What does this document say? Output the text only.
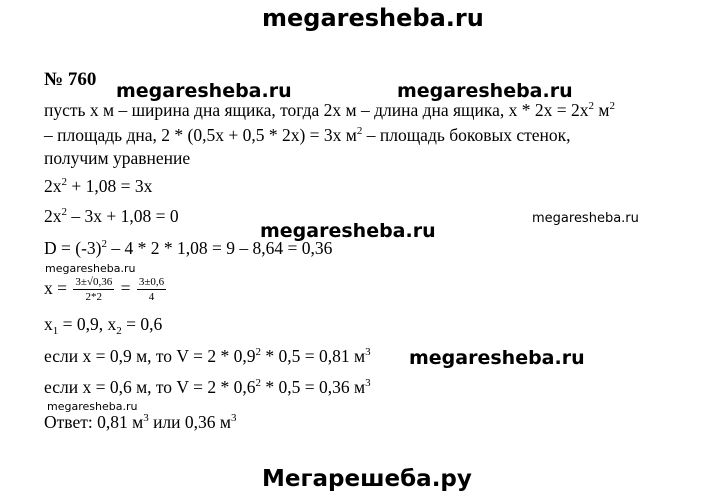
megaresheba.ru
megaresheba.ru	megaresheba.ru
megaresheba.ru
megaresheba.ru
megaresheba.ru
megaresheba.ru
megaresheba.ru
Мегарешеба.ру
№ 760
пусть х м – ширина дна ящика, тогда 2х м – длина дна ящика, $х * 2х = 2х^2$ $м^2$
– площадь дна, 2 * (0,5х + 0,5 * 2х) = 3х $м^2$ – площадь боковых стенок,
получим уравнение
$2x^2 + 1,08 = 3x$
$2x^2 - 3x + 1,08 = 0$
$D = (-3)^2 - 4 * 2 * 1,08 = 9 - 8,64 = 0,36$
$x = \frac{3\pm√0,36}{2*2} = \frac{3\pm 0,6}{4}$
$x_1 = 0,9$, $x_2 = 0,6$
если х = 0,9 м, то $V = 2 * 0,9^2 * 0,5 = 0,81$ $м^3$
если х = 0,6 м, то $V = 2 * 0,6^2 * 0,5 = 0,36$ $м^3$
Ответ: 0,81 $м^3$ или 0,36 $м^3$
